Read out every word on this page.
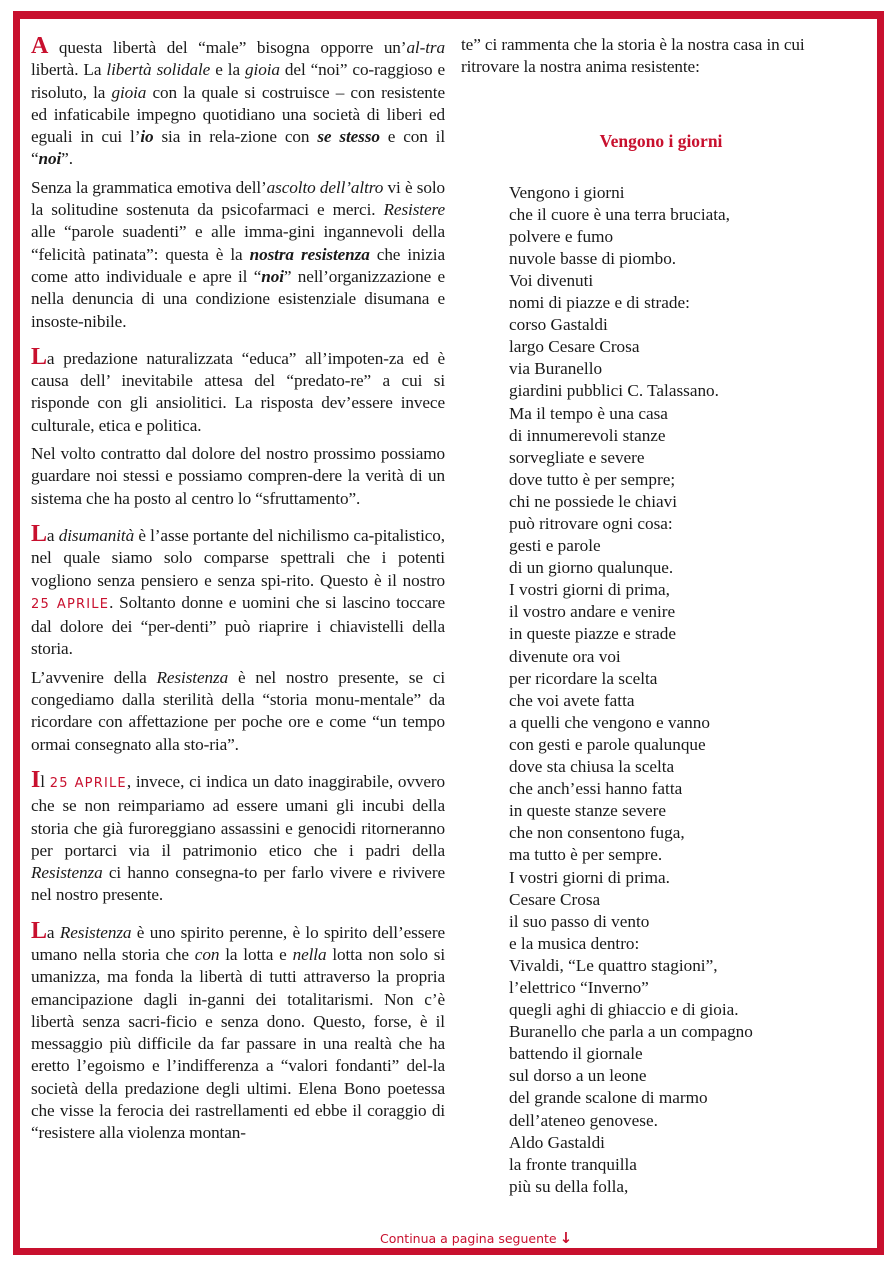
A questa libertà del “male” bisogna opporre un’al-tra libertà. La libertà solidale e la gioia del “noi” co-raggioso e risoluto, la gioia con la quale si costruisce – con resistente ed infaticabile impegno quotidiano una società di liberi ed eguali in cui l’io sia in rela-zione con se stesso e con il “noi”.

Senza la grammatica emotiva dell’ascolto dell’altro vi è solo la solitudine sostenuta da psicofarmaci e merci. Resistere alle “parole suadenti” e alle imma-gini ingannevoli della “felicità patinata”: questa è la nostra resistenza che inizia come atto individuale e apre il “noi” nell’organizzazione e nella denuncia di una condizione esistenziale disumana e insoste-nibile.

La predazione naturalizzata “educa” all’impoten-za ed è causa dell’ inevitabile attesa del “predato-re” a cui si risponde con gli ansiolitici. La risposta dev’essere invece culturale, etica e politica.

Nel volto contratto dal dolore del nostro prossimo possiamo guardare noi stessi e possiamo compren-dere la verità di un sistema che ha posto al centro lo “sfruttamento”.

La disumanità è l’asse portante del nichilismo ca-pitalistico, nel quale siamo solo comparse spettrali che i potenti vogliono senza pensiero e senza spi-rito. Questo è il nostro 25 APRILE. Soltanto donne e uomini che si lascino toccare dal dolore dei “per-denti” può riaprire i chiavistelli della storia.

L’avvenire della Resistenza è nel nostro presente, se ci congediamo dalla sterilità della “storia monu-mentale” da ricordare con affettazione per poche ore e come “un tempo ormai consegnato alla sto-ria”.

Il 25 APRILE, invece, ci indica un dato inaggirabile, ovvero che se non reimpariamo ad essere umani gli incubi della storia che già furoreggiano assassini e genocidi ritorneranno per portarci via il patrimonio etico che i padri della Resistenza ci hanno consegna-to per farlo vivere e rivivere nel nostro presente.

La Resistenza è uno spirito perenne, è lo spirito dell’essere umano nella storia che con la lotta e nella lotta non solo si umanizza, ma fonda la libertà di tutti attraverso la propria emancipazione dagli in-ganni dei totalitarismi. Non c’è libertà senza sacri-ficio e senza dono. Questo, forse, è il messaggio più difficile da far passare in una realtà che ha eretto l’egoismo e l’indifferenza a “valori fondanti” del-la società della predazione degli ultimi. Elena Bono poetessa che visse la ferocia dei rastrellamenti ed ebbe il coraggio di “resistere alla violenza montan-

te” ci rammenta che la storia è la nostra casa in cui ritrovare la nostra anima resistente:

Vengono i giorni
Vengono i giorni
che il cuore è una terra bruciata,
polvere e fumo
nuvole basse di piombo.
Voi divenuti
nomi di piazze e di strade:
corso Gastaldi
largo Cesare Crosa
via Buranello
giardini pubblici C. Talassano.
Ma il tempo è una casa
di innumerevoli stanze
sorvegliate e severe
dove tutto è per sempre;
chi ne possiede le chiavi
può ritrovare ogni cosa:
gesti e parole
di un giorno qualunque.
I vostri giorni di prima,
il vostro andare e venire
in queste piazze e strade
divenute ora voi
per ricordare la scelta
che voi avete fatta
a quelli che vengono e vanno
con gesti e parole qualunque
dove sta chiusa la scelta
che anch’essi hanno fatta
in queste stanze severe
che non consentono fuga,
ma tutto è per sempre.
I vostri giorni di prima.
Cesare Crosa
il suo passo di vento
e la musica dentro:
Vivaldi, “Le quattro stagioni”,
l’elettrico “Inverno”
quegli aghi di ghiaccio e di gioia.
Buranello che parla a un compagno
battendo il giornale
sul dorso a un leone
del grande scalone di marmo
dell’ateneo genovese.
Aldo Gastaldi
la fronte tranquilla
più su della folla,
Continua a pagina seguente ↓
